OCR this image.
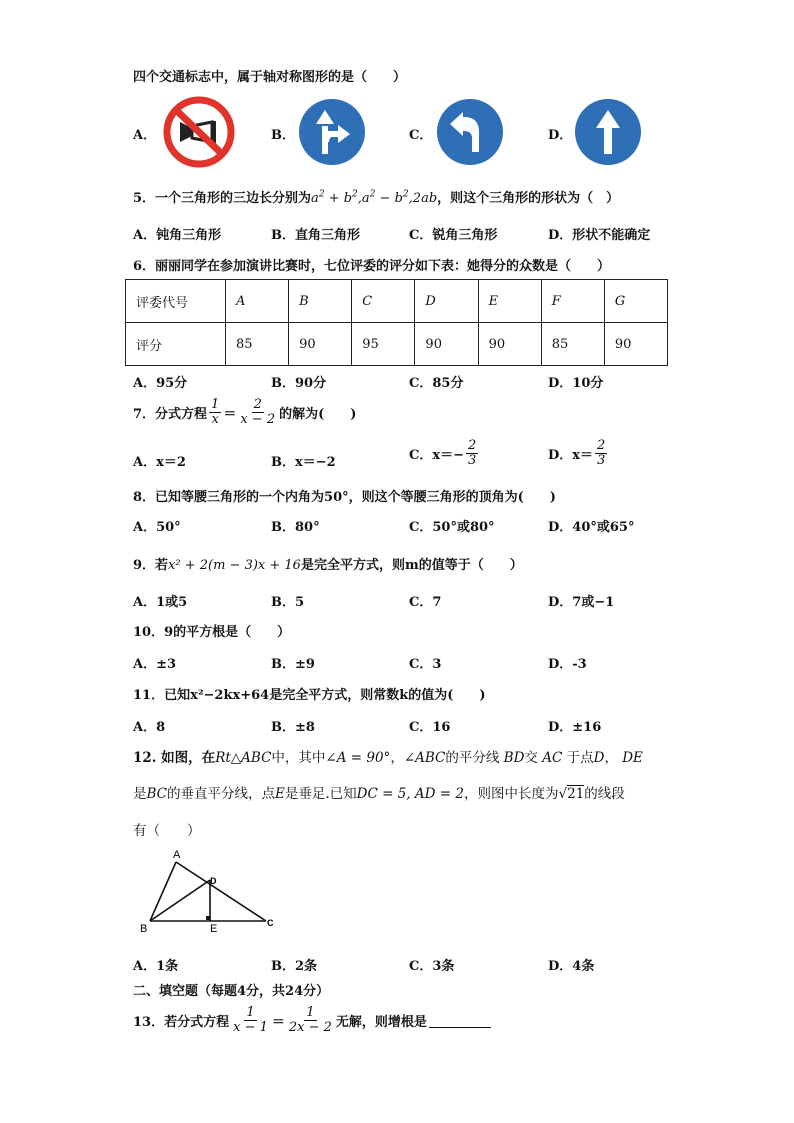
四个交通标志中，属于轴对称图形的是（　　）
A．	B．	C．	D．
5．一个三角形的三边长分别为$a^2 + b^2,a^2 - b^2,2ab$，则这个三角形的形状为（　）
A．钝角三角形	B．直角三角形	C．锐角三角形	D．形状不能确定
6．丽丽同学在参加演讲比赛时，七位评委的评分如下表：她得分的众数是（　　）
评委代号	A	B	C	D	E	F	G
评分	85	90	95	90	90	85	90
A．95分	B．90分	C．85分	D．10分
7．分式方程 $\frac{1}{x} = \frac{2}{x - 2}$ 的解为(　　)
A．x＝2	B．x＝−2	C．$x=- \frac{2}{3}$	D．$x= \frac{2}{3}$
8．已知等腰三角形的一个内角为50°，则这个等腰三角形的顶角为(　　)
A．50°	B．80°	C．50°或80°	D．40°或65°
9．若x² + 2(m − 3)x + 16是完全平方式，则m的值等于（　　）
A．1或5	B．5	C．7	D．7或−1
10．9的平方根是（　　）
A．±3	B．±9	C．3	D．-3
11．已知x²−2kx+64是完全平方式，则常数k的值为(　　)
A．8	B．±8	C．16	D．±16
12. 如图，在Rt△ABC中，其中∠A = 90°，∠ABC的平分线 BD交 AC 于点D， DE
是BC的垂直平分线，点E是垂足.已知DC = 5, AD = 2，则图中长度为√21的线段
有（　　）
A
D
B	E	C
A．1条	B．2条	C．3条	D．4条
二、填空题（每题4分，共24分）
13．若分式方程 $\frac{1}{x - 1} = \frac{1}{2x - 2}$ 无解，则增根是
